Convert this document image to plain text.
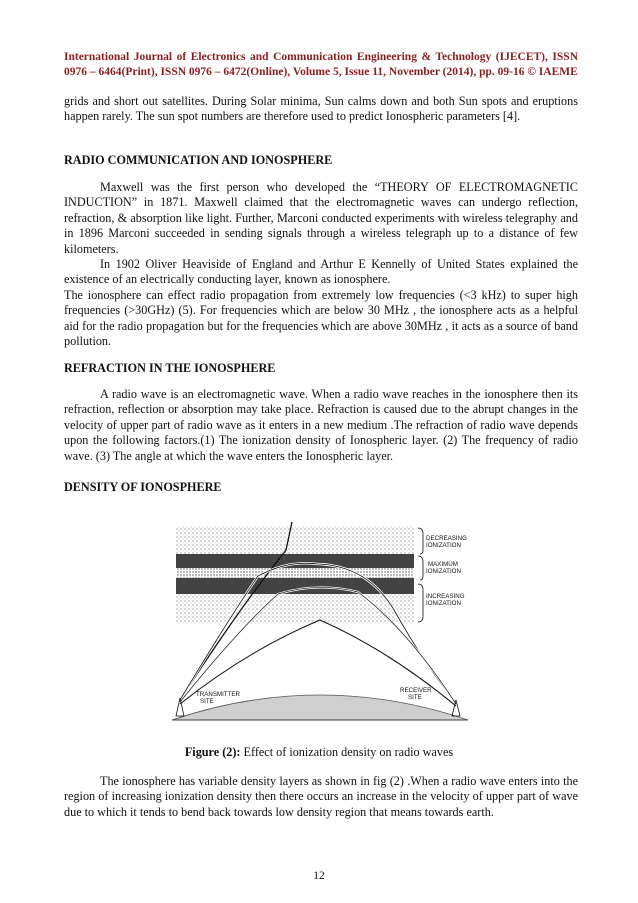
International Journal of Electronics and Communication Engineering & Technology (IJECET), ISSN 0976 – 6464(Print), ISSN 0976 – 6472(Online), Volume 5, Issue 11, November (2014), pp. 09-16 © IAEME

grids and short out satellites. During Solar minima, Sun calms down and both Sun spots and eruptions happen rarely. The sun spot numbers are therefore used to predict Ionospheric parameters [4].

RADIO COMMUNICATION AND IONOSPHERE

Maxwell was the first person who developed the “THEORY OF ELECTROMAGNETIC INDUCTION” in 1871. Maxwell claimed that the electromagnetic waves can undergo reflection, refraction, & absorption like light. Further, Marconi conducted experiments with wireless telegraphy and in 1896 Marconi succeeded in sending signals through a wireless telegraph up to a distance of few kilometers.

In 1902 Oliver Heaviside of England and Arthur E Kennelly of United States explained the existence of an electrically conducting layer, known as ionosphere.

The ionosphere can effect radio propagation from extremely low frequencies (<3 kHz) to super high frequencies (>30GHz) (5). For frequencies which are below 30 MHz , the ionosphere acts as a helpful aid for the radio propagation but for the frequencies which are above 30MHz , it acts as a source of band pollution.

REFRACTION IN THE IONOSPHERE

A radio wave is an electromagnetic wave. When a radio wave reaches in the ionosphere then its refraction, reflection or absorption may take place. Refraction is caused due to the abrupt changes in the velocity of upper part of radio wave as it enters in a new medium .The refraction of radio wave depends upon the following factors.(1) The ionization density of Ionospheric layer. (2) The frequency of radio wave. (3) The angle at which the wave enters the Ionospheric layer.

DENSITY OF IONOSPHERE

DECREASING
IONIZATION
MAXIMUM
IONIZATION
INCREASING
IONIZATION
TRANSMITTER
SITE
RECEIVER
SITE
Figure (2): Effect of ionization density on radio waves

The ionosphere has variable density layers as shown in fig (2) .When a radio wave enters into the region of increasing ionization density then there occurs an increase in the velocity of upper part of wave due to which it tends to bend back towards low density region that means towards earth.

12
